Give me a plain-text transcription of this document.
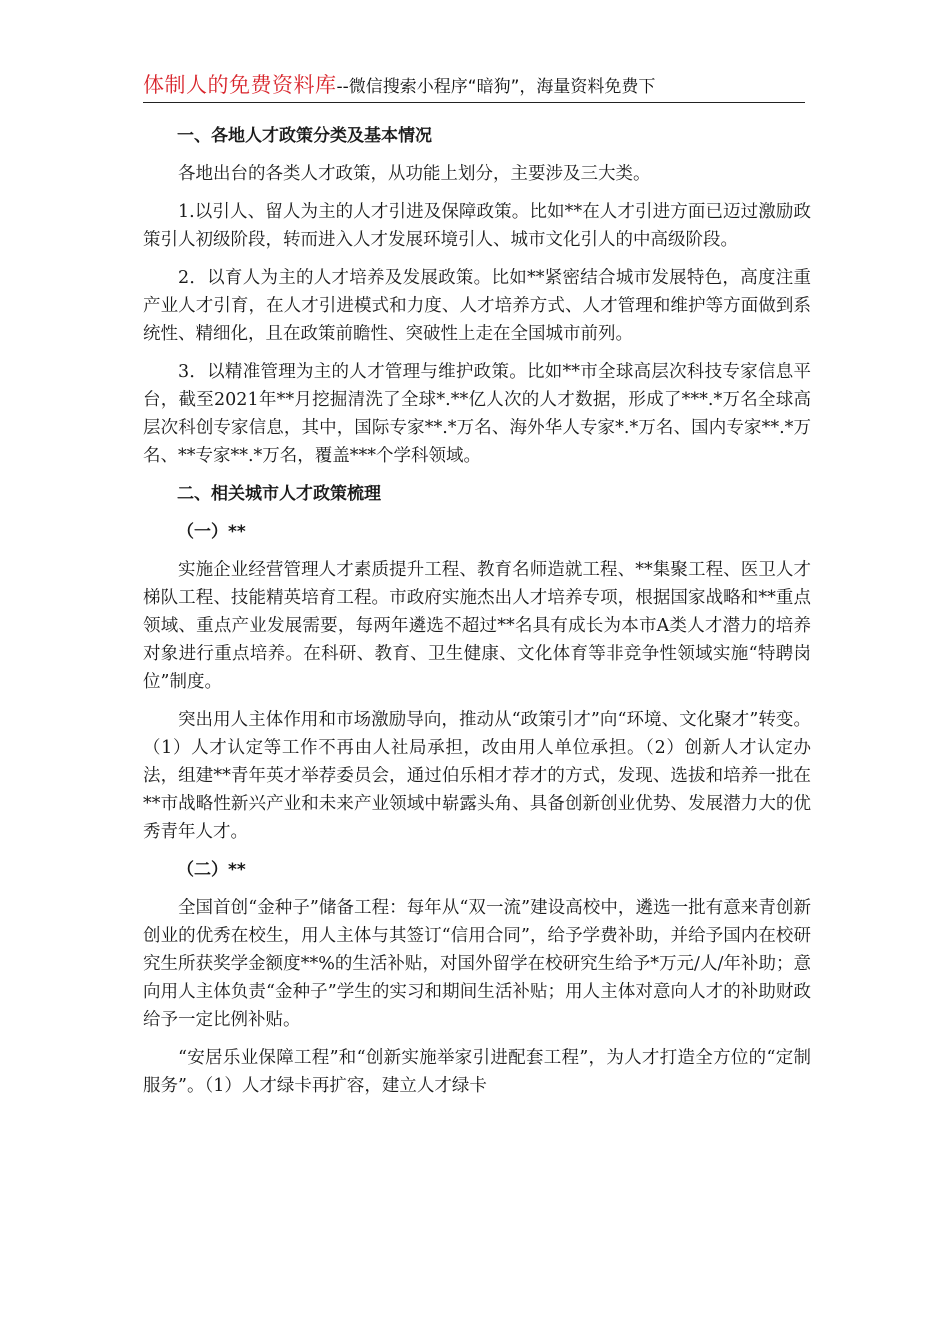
体制人的免费资料库--微信搜索小程序“暗狗”，海量资料免费下
一、各地人才政策分类及基本情况

各地出台的各类人才政策，从功能上划分，主要涉及三大类。

1.以引人、留人为主的人才引进及保障政策。比如**在人才引进方面已迈过激励政策引人初级阶段，转而进入人才发展环境引人、城市文化引人的中高级阶段。

2．以育人为主的人才培养及发展政策。比如**紧密结合城市发展特色，高度注重产业人才引育，在人才引进模式和力度、人才培养方式、人才管理和维护等方面做到系统性、精细化，且在政策前瞻性、突破性上走在全国城市前列。

3．以精准管理为主的人才管理与维护政策。比如**市全球高层次科技专家信息平台，截至2021年**月挖掘清洗了全球*.**亿人次的人才数据，形成了***.*万名全球高层次科创专家信息，其中，国际专家**.*万名、海外华人专家*.*万名、国内专家**.*万名、**专家**.*万名，覆盖***个学科领域。

二、相关城市人才政策梳理
（一）**

实施企业经营管理人才素质提升工程、教育名师造就工程、**集聚工程、医卫人才梯队工程、技能精英培育工程。市政府实施杰出人才培养专项，根据国家战略和**重点领域、重点产业发展需要，每两年遴选不超过**名具有成长为本市A类人才潜力的培养对象进行重点培养。在科研、教育、卫生健康、文化体育等非竞争性领域实施“特聘岗位”制度。

突出用人主体作用和市场激励导向，推动从“政策引才”向“环境、文化聚才”转变。（1）人才认定等工作不再由人社局承担，改由用人单位承担。（2）创新人才认定办法，组建**青年英才举荐委员会，通过伯乐相才荐才的方式，发现、选拔和培养一批在**市战略性新兴产业和未来产业领域中崭露头角、具备创新创业优势、发展潜力大的优秀青年人才。

（二）**

全国首创“金种子”储备工程：每年从“双一流”建设高校中，遴选一批有意来青创新创业的优秀在校生，用人主体与其签订“信用合同”，给予学费补助，并给予国内在校研究生所获奖学金额度**%的生活补贴，对国外留学在校研究生给予*万元/人/年补助；意向用人主体负责“金种子”学生的实习和期间生活补贴；用人主体对意向人才的补助财政给予一定比例补贴。

“安居乐业保障工程”和“创新实施举家引进配套工程”，为人才打造全方位的“定制服务”。（1）人才绿卡再扩容，建立人才绿卡
